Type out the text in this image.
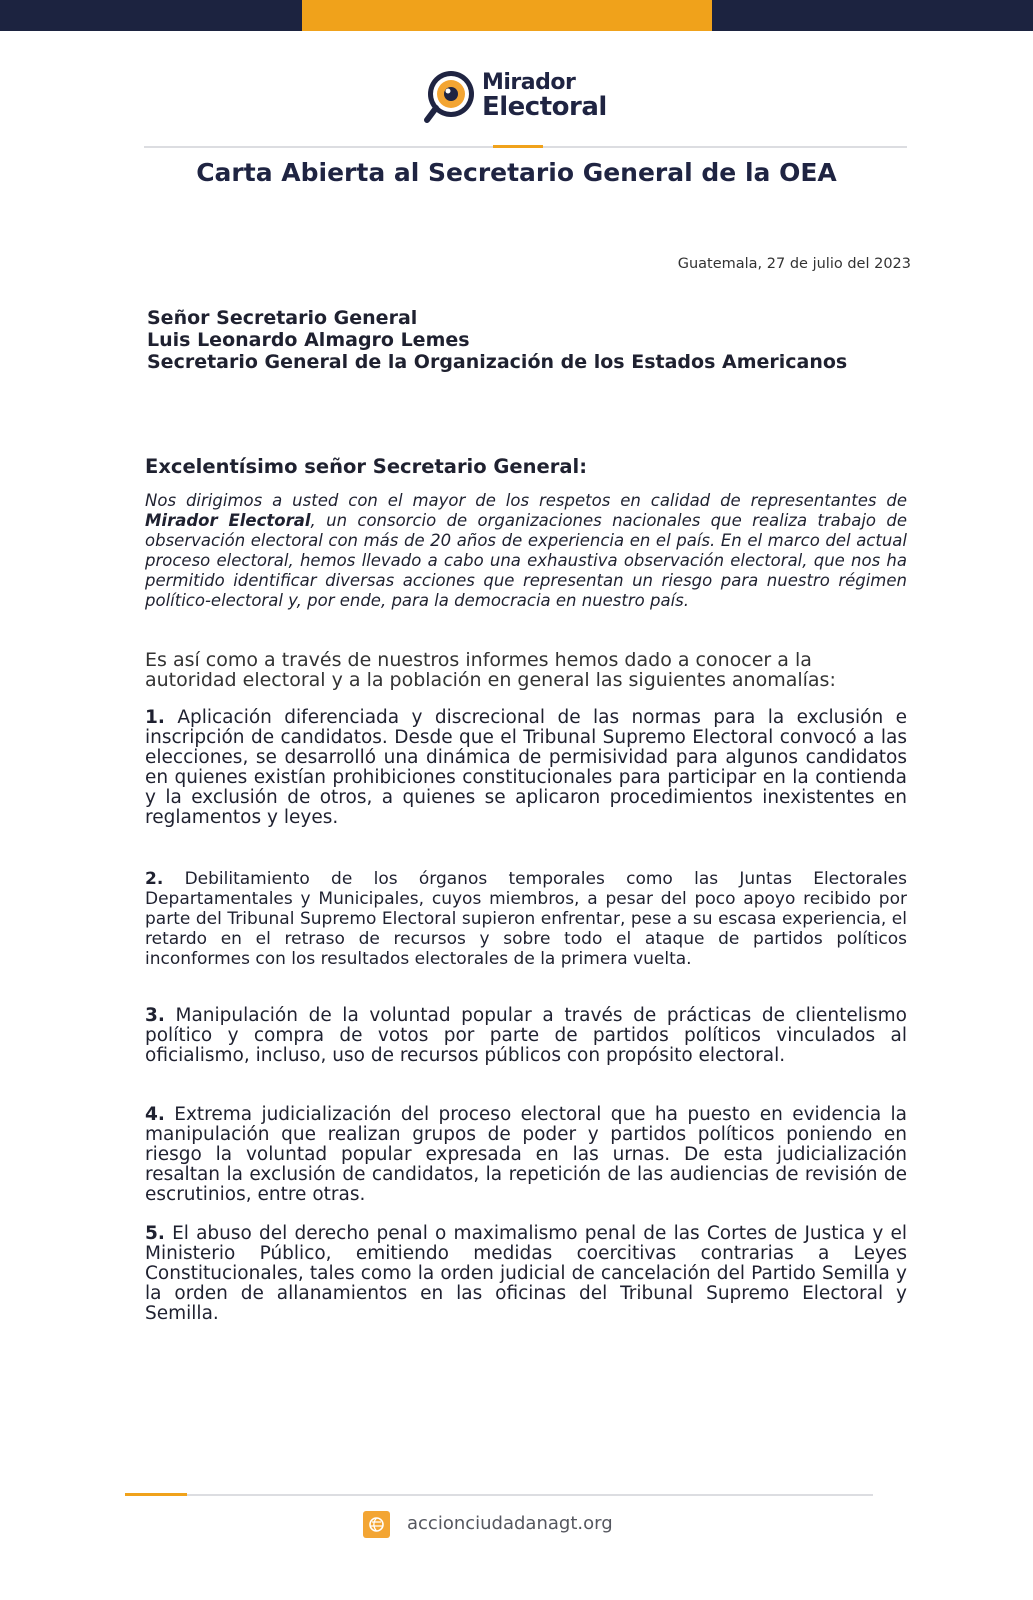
Mirador
Electoral
Carta Abierta al Secretario General de la OEA
Guatemala, 27 de julio del 2023
Señor Secretario General
Luis Leonardo Almagro Lemes
Secretario General de la Organización de los Estados Americanos
Excelentísimo señor Secretario General:
Nos dirigimos a usted con el mayor de los respetos en calidad de representantes de Mirador Electoral, un consorcio de organizaciones nacionales que realiza trabajo de observación electoral con más de 20 años de experiencia en el país. En el marco del actual proceso electoral, hemos llevado a cabo una exhaustiva observación electoral, que nos ha permitido identificar diversas acciones que representan un riesgo para nuestro régimen político-electoral y, por ende, para la democracia en nuestro país.
Es así como a través de nuestros informes hemos dado a conocer a la autoridad electoral y a la población en general las siguientes anomalías:
1. Aplicación diferenciada y discrecional de las normas para la exclusión e inscripción de candidatos. Desde que el Tribunal Supremo Electoral convocó a las elecciones, se desarrolló una dinámica de permisividad para algunos candidatos en quienes existían prohibiciones constitucionales para participar en la contienda y la exclusión de otros, a quienes se aplicaron procedimientos inexistentes en reglamentos y leyes.
2. Debilitamiento de los órganos temporales como las Juntas Electorales Departamentales y Municipales, cuyos miembros, a pesar del poco apoyo recibido por parte del Tribunal Supremo Electoral supieron enfrentar, pese a su escasa experiencia, el retardo en el retraso de recursos y sobre todo el ataque de partidos políticos inconformes con los resultados electorales de la primera vuelta.
3. Manipulación de la voluntad popular a través de prácticas de clientelismo político y compra de votos por parte de partidos políticos vinculados al oficialismo, incluso, uso de recursos públicos con propósito electoral.
4. Extrema judicialización del proceso electoral que ha puesto en evidencia la manipulación que realizan grupos de poder y partidos políticos poniendo en riesgo la voluntad popular expresada en las urnas. De esta judicialización resaltan la exclusión de candidatos, la repetición de las audiencias de revisión de escrutinios, entre otras.
5. El abuso del derecho penal o maximalismo penal de las Cortes de Justica y el Ministerio Público, emitiendo medidas coercitivas contrarias a Leyes Constitucionales, tales como la orden judicial de cancelación del Partido Semilla y la orden de allanamientos en las oficinas del Tribunal Supremo Electoral y Semilla.
accionciudadanagt.org
